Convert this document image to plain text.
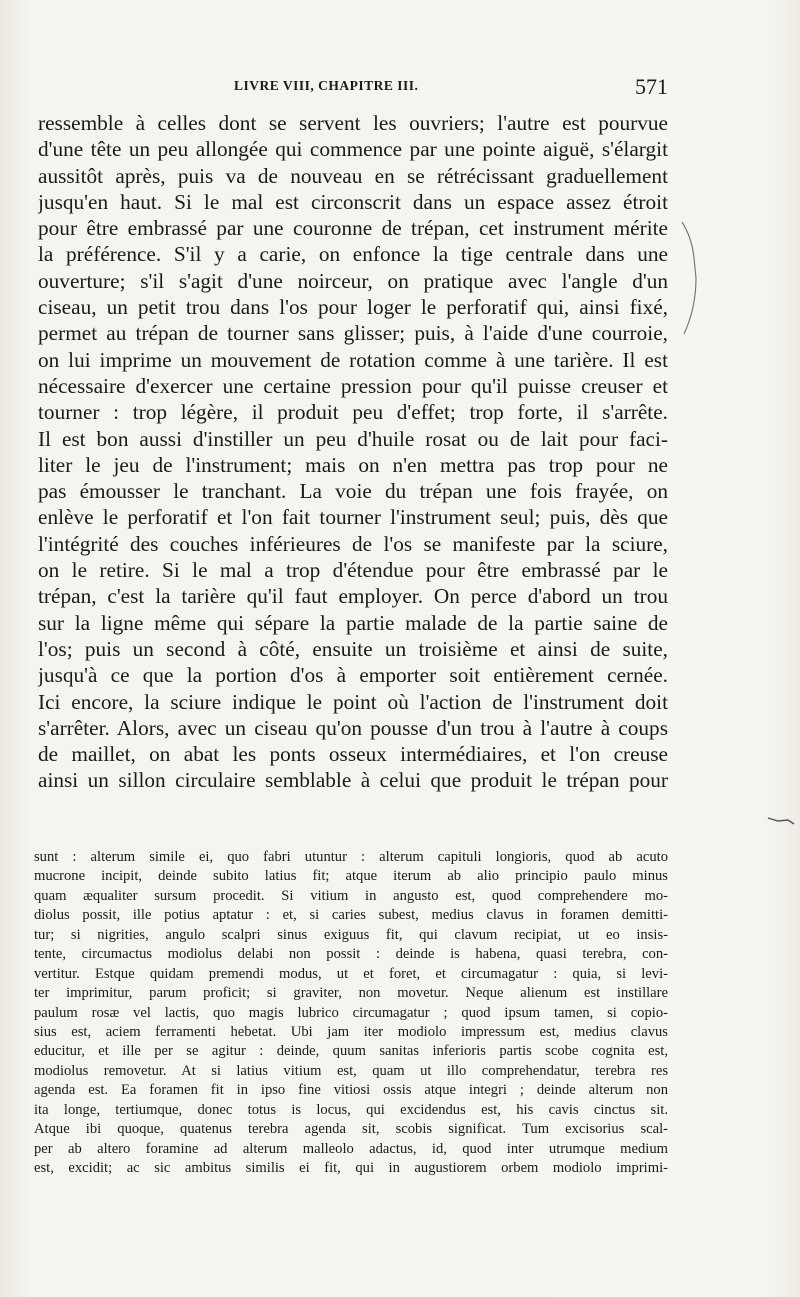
LIVRE VIII, CHAPITRE III.	571
ressemble à celles dont se servent les ouvriers; l'autre est pourvue
d'une tête un peu allongée qui commence par une pointe aiguë, s'élargit
aussitôt après, puis va de nouveau en se rétrécissant graduellement
jusqu'en haut. Si le mal est circonscrit dans un espace assez étroit
pour être embrassé par une couronne de trépan, cet instrument mérite
la préférence. S'il y a carie, on enfonce la tige centrale dans une
ouverture; s'il s'agit d'une noirceur, on pratique avec l'angle d'un
ciseau, un petit trou dans l'os pour loger le perforatif qui, ainsi fixé,
permet au trépan de tourner sans glisser; puis, à l'aide d'une courroie,
on lui imprime un mouvement de rotation comme à une tarière. Il est
nécessaire d'exercer une certaine pression pour qu'il puisse creuser et
tourner : trop légère, il produit peu d'effet; trop forte, il s'arrête.
Il est bon aussi d'instiller un peu d'huile rosat ou de lait pour faci-
liter le jeu de l'instrument; mais on n'en mettra pas trop pour ne
pas émousser le tranchant. La voie du trépan une fois frayée, on
enlève le perforatif et l'on fait tourner l'instrument seul; puis, dès que
l'intégrité des couches inférieures de l'os se manifeste par la sciure,
on le retire. Si le mal a trop d'étendue pour être embrassé par le
trépan, c'est la tarière qu'il faut employer. On perce d'abord un trou
sur la ligne même qui sépare la partie malade de la partie saine de
l'os; puis un second à côté, ensuite un troisième et ainsi de suite,
jusqu'à ce que la portion d'os à emporter soit entièrement cernée.
Ici encore, la sciure indique le point où l'action de l'instrument doit
s'arrêter. Alors, avec un ciseau qu'on pousse d'un trou à l'autre à coups
de maillet, on abat les ponts osseux intermédiaires, et l'on creuse
ainsi un sillon circulaire semblable à celui que produit le trépan pour
sunt : alterum simile ei, quo fabri utuntur : alterum capituli longioris, quod ab acuto
mucrone incipit, deinde subito latius fit; atque iterum ab alio principio paulo minus
quam æqualiter sursum procedit. Si vitium in angusto est, quod comprehendere mo-
diolus possit, ille potius aptatur : et, si caries subest, medius clavus in foramen demitti-
tur; si nigrities, angulo scalpri sinus exiguus fit, qui clavum recipiat, ut eo insis-
tente, circumactus modiolus delabi non possit : deinde is habena, quasi terebra, con-
vertitur. Estque quidam premendi modus, ut et foret, et circumagatur : quia, si levi-
ter imprimitur, parum proficit; si graviter, non movetur. Neque alienum est instillare
paulum rosæ vel lactis, quo magis lubrico circumagatur ; quod ipsum tamen, si copio-
sius est, aciem ferramenti hebetat. Ubi jam iter modiolo impressum est, medius clavus
educitur, et ille per se agitur : deinde, quum sanitas inferioris partis scobe cognita est,
modiolus removetur. At si latius vitium est, quam ut illo comprehendatur, terebra res
agenda est. Ea foramen fit in ipso fine vitiosi ossis atque integri ; deinde alterum non
ita longe, tertiumque, donec totus is locus, qui excidendus est, his cavis cinctus sit.
Atque ibi quoque, quatenus terebra agenda sit, scobis significat. Tum excisorius scal-
per ab altero foramine ad alterum malleolo adactus, id, quod inter utrumque medium
est, excidit; ac sic ambitus similis ei fit, qui in augustiorem orbem modiolo imprimi-
